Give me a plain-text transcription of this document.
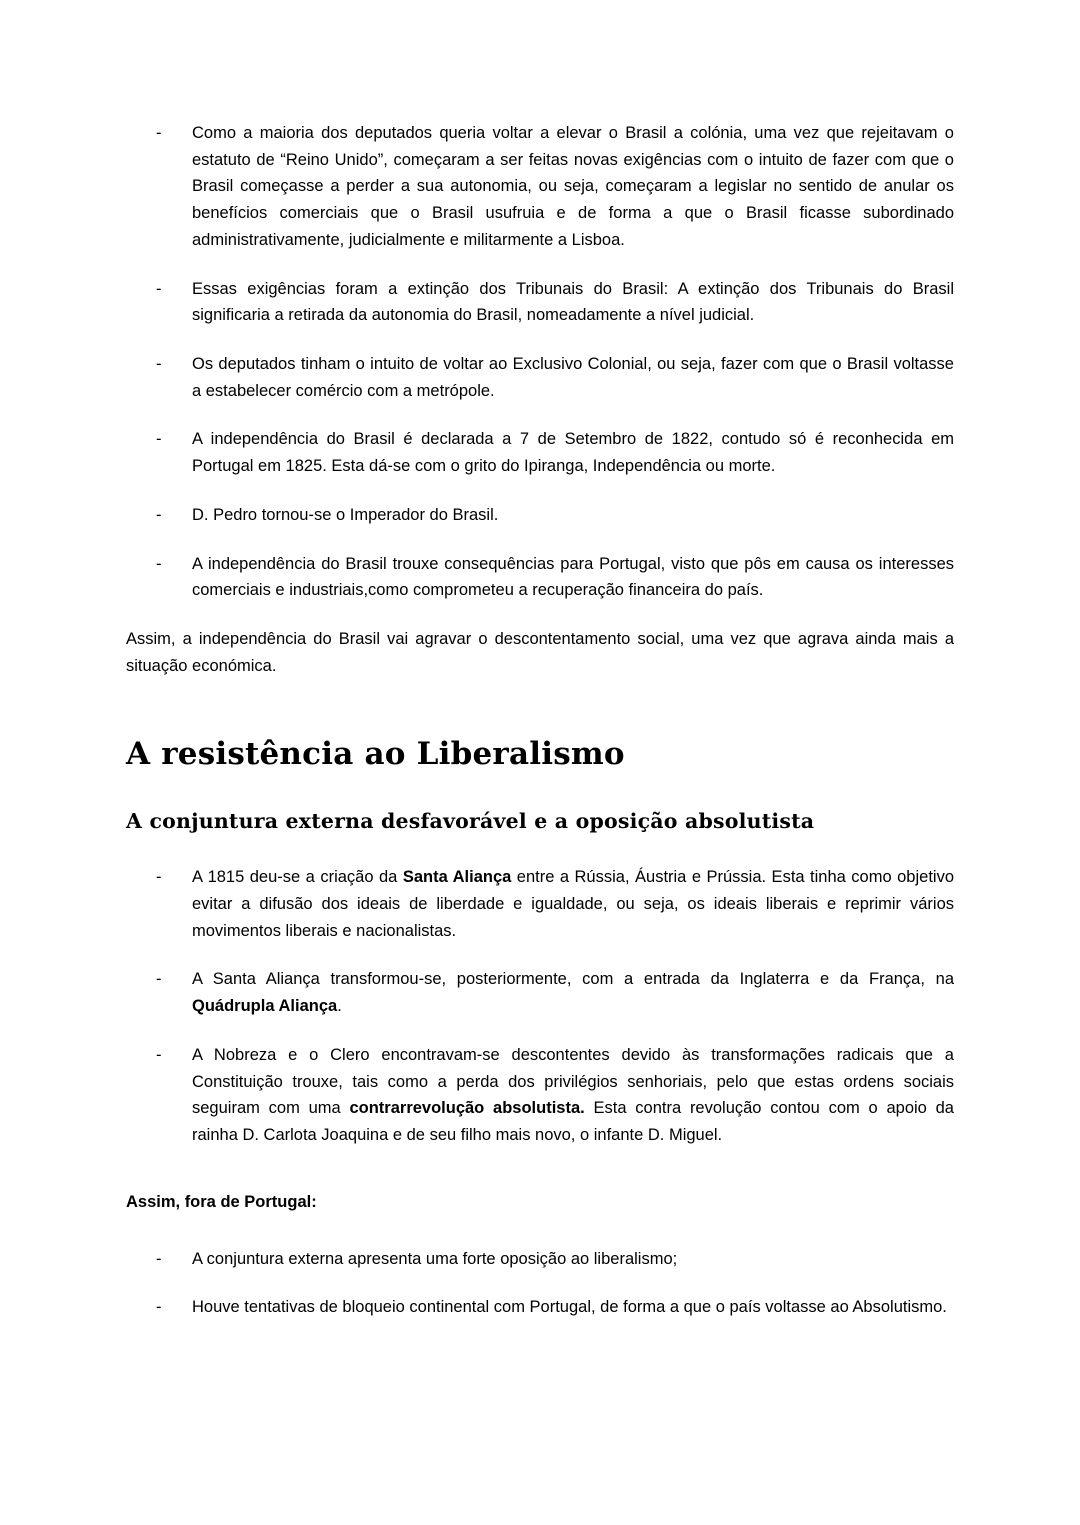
- Como a maioria dos deputados queria voltar a elevar o Brasil a colónia, uma vez que rejeitavam o estatuto de “Reino Unido”, começaram a ser feitas novas exigências com o intuito de fazer com que o Brasil começasse a perder a sua autonomia, ou seja, começaram a legislar no sentido de anular os benefícios comerciais que o Brasil usufruia e de forma a que o Brasil ficasse subordinado administrativamente, judicialmente e militarmente a Lisboa.
- Essas exigências foram a extinção dos Tribunais do Brasil: A extinção dos Tribunais do Brasil significaria a retirada da autonomia do Brasil, nomeadamente a nível judicial.
- Os deputados tinham o intuito de voltar ao Exclusivo Colonial, ou seja, fazer com que o Brasil voltasse a estabelecer comércio com a metrópole.
- A independência do Brasil é declarada a 7 de Setembro de 1822, contudo só é reconhecida em Portugal em 1825. Esta dá-se com o grito do Ipiranga, Independência ou morte.
- D. Pedro tornou-se o Imperador do Brasil.
- A independência do Brasil trouxe consequências para Portugal, visto que pôs em causa os interesses comerciais e industriais,como comprometeu a recuperação financeira do país.

Assim, a independência do Brasil vai agravar o descontentamento social, uma vez que agrava ainda mais a situação económica.

A resistência ao Liberalismo
A conjuntura externa desfavorável e a oposição absolutista
- A 1815 deu-se a criação da Santa Aliança entre a Rússia, Áustria e Prússia. Esta tinha como objetivo evitar a difusão dos ideais de liberdade e igualdade, ou seja, os ideais liberais e reprimir vários movimentos liberais e nacionalistas.
- A Santa Aliança transformou-se, posteriormente, com a entrada da Inglaterra e da França, na Quádrupla Aliança.
- A Nobreza e o Clero encontravam-se descontentes devido às transformações radicais que a Constituição trouxe, tais como a perda dos privilégios senhoriais, pelo que estas ordens sociais seguiram com uma contrarrevolução absolutista. Esta contra revolução contou com o apoio da rainha D. Carlota Joaquina e de seu filho mais novo, o infante D. Miguel.

Assim, fora de Portugal:

- A conjuntura externa apresenta uma forte oposição ao liberalismo;
- Houve tentativas de bloqueio continental com Portugal, de forma a que o país voltasse ao Absolutismo.
